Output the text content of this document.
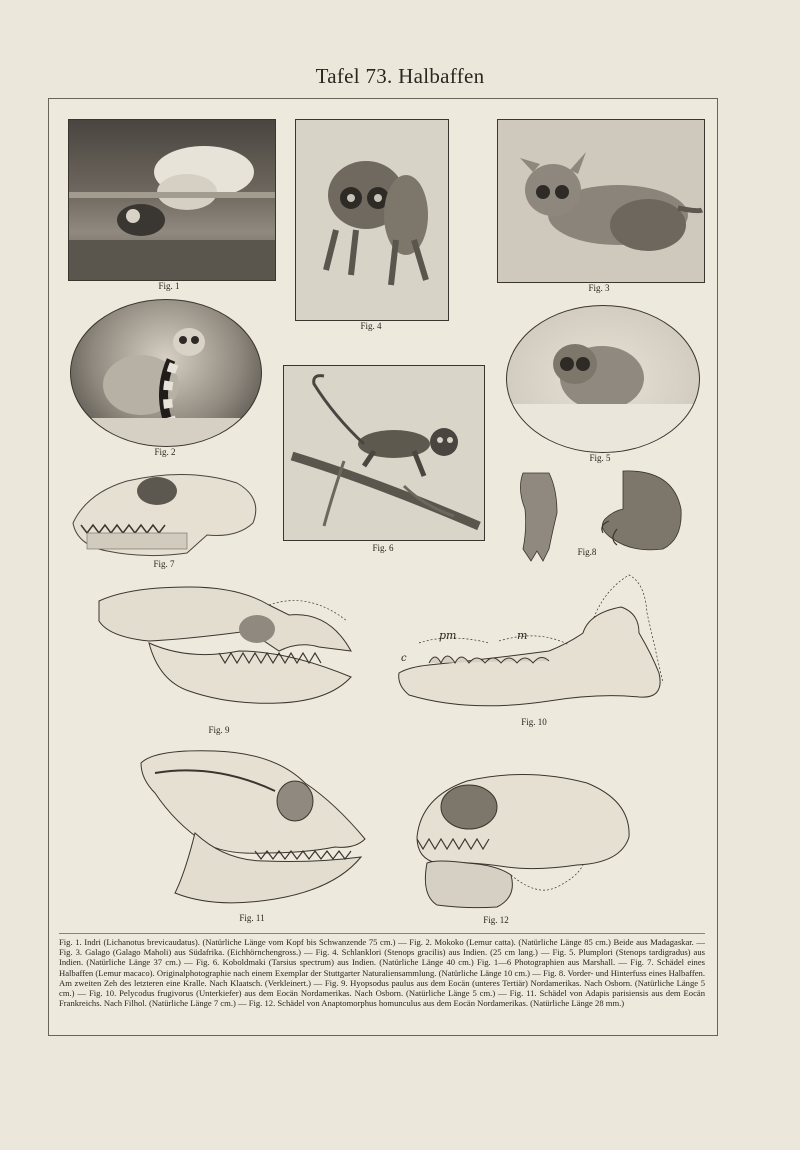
Tafel 73. Halbaffen
Fig. 1
Fig. 4
Fig. 3
Fig. 2
Fig. 5
Fig. 6
Fig. 7
Fig.8
Fig. 9
pm	m
c
Fig. 10
Fig. 11	Fig. 12

Fig. 1. Indri (Lichanotus brevicaudatus). (Natürliche Länge vom Kopf bis Schwanzende 75 cm.) — Fig. 2. Mokoko (Lemur catta). (Natürliche Länge 85 cm.) Beide aus Madagaskar. — Fig. 3. Galago (Galago Maholi) aus Südafrika. (Eichhörnchengross.) — Fig. 4. Schlanklori (Stenops gracilis) aus Indien. (25 cm lang.) — Fig. 5. Plumplori (Stenops tardigradus) aus Indien. (Natürliche Länge 37 cm.) — Fig. 6. Koboldmaki (Tarsius spectrum) aus Indien. (Natürliche Länge 40 cm.) Fig. 1—6 Photographien aus Marshall. — Fig. 7. Schädel eines Halbaffen (Lemur macaco). Originalphotographie nach einem Exemplar der Stuttgarter Naturaliensammlung. (Natürliche Länge 10 cm.) — Fig. 8. Vorder- und Hinterfuss eines Halbaffen. Am zweiten Zeh des letzteren eine Kralle. Nach Klaatsch. (Verkleinert.) — Fig. 9. Hyopsodus paulus aus dem Eocän (unteres Tertiär) Nordamerikas. Nach Osborn. (Natürliche Länge 5 cm.) — Fig. 10. Pelycodus frugivorus (Unterkiefer) aus dem Eocän Nordamerikas. Nach Osborn. (Natürliche Länge 5 cm.) — Fig. 11. Schädel von Adapis parisiensis aus dem Eocän Frankreichs. Nach Filhol. (Natürliche Länge 7 cm.) — Fig. 12. Schädel von Anaptomorphus homunculus aus dem Eocän Nordamerikas. (Natürliche Länge 28 mm.)
